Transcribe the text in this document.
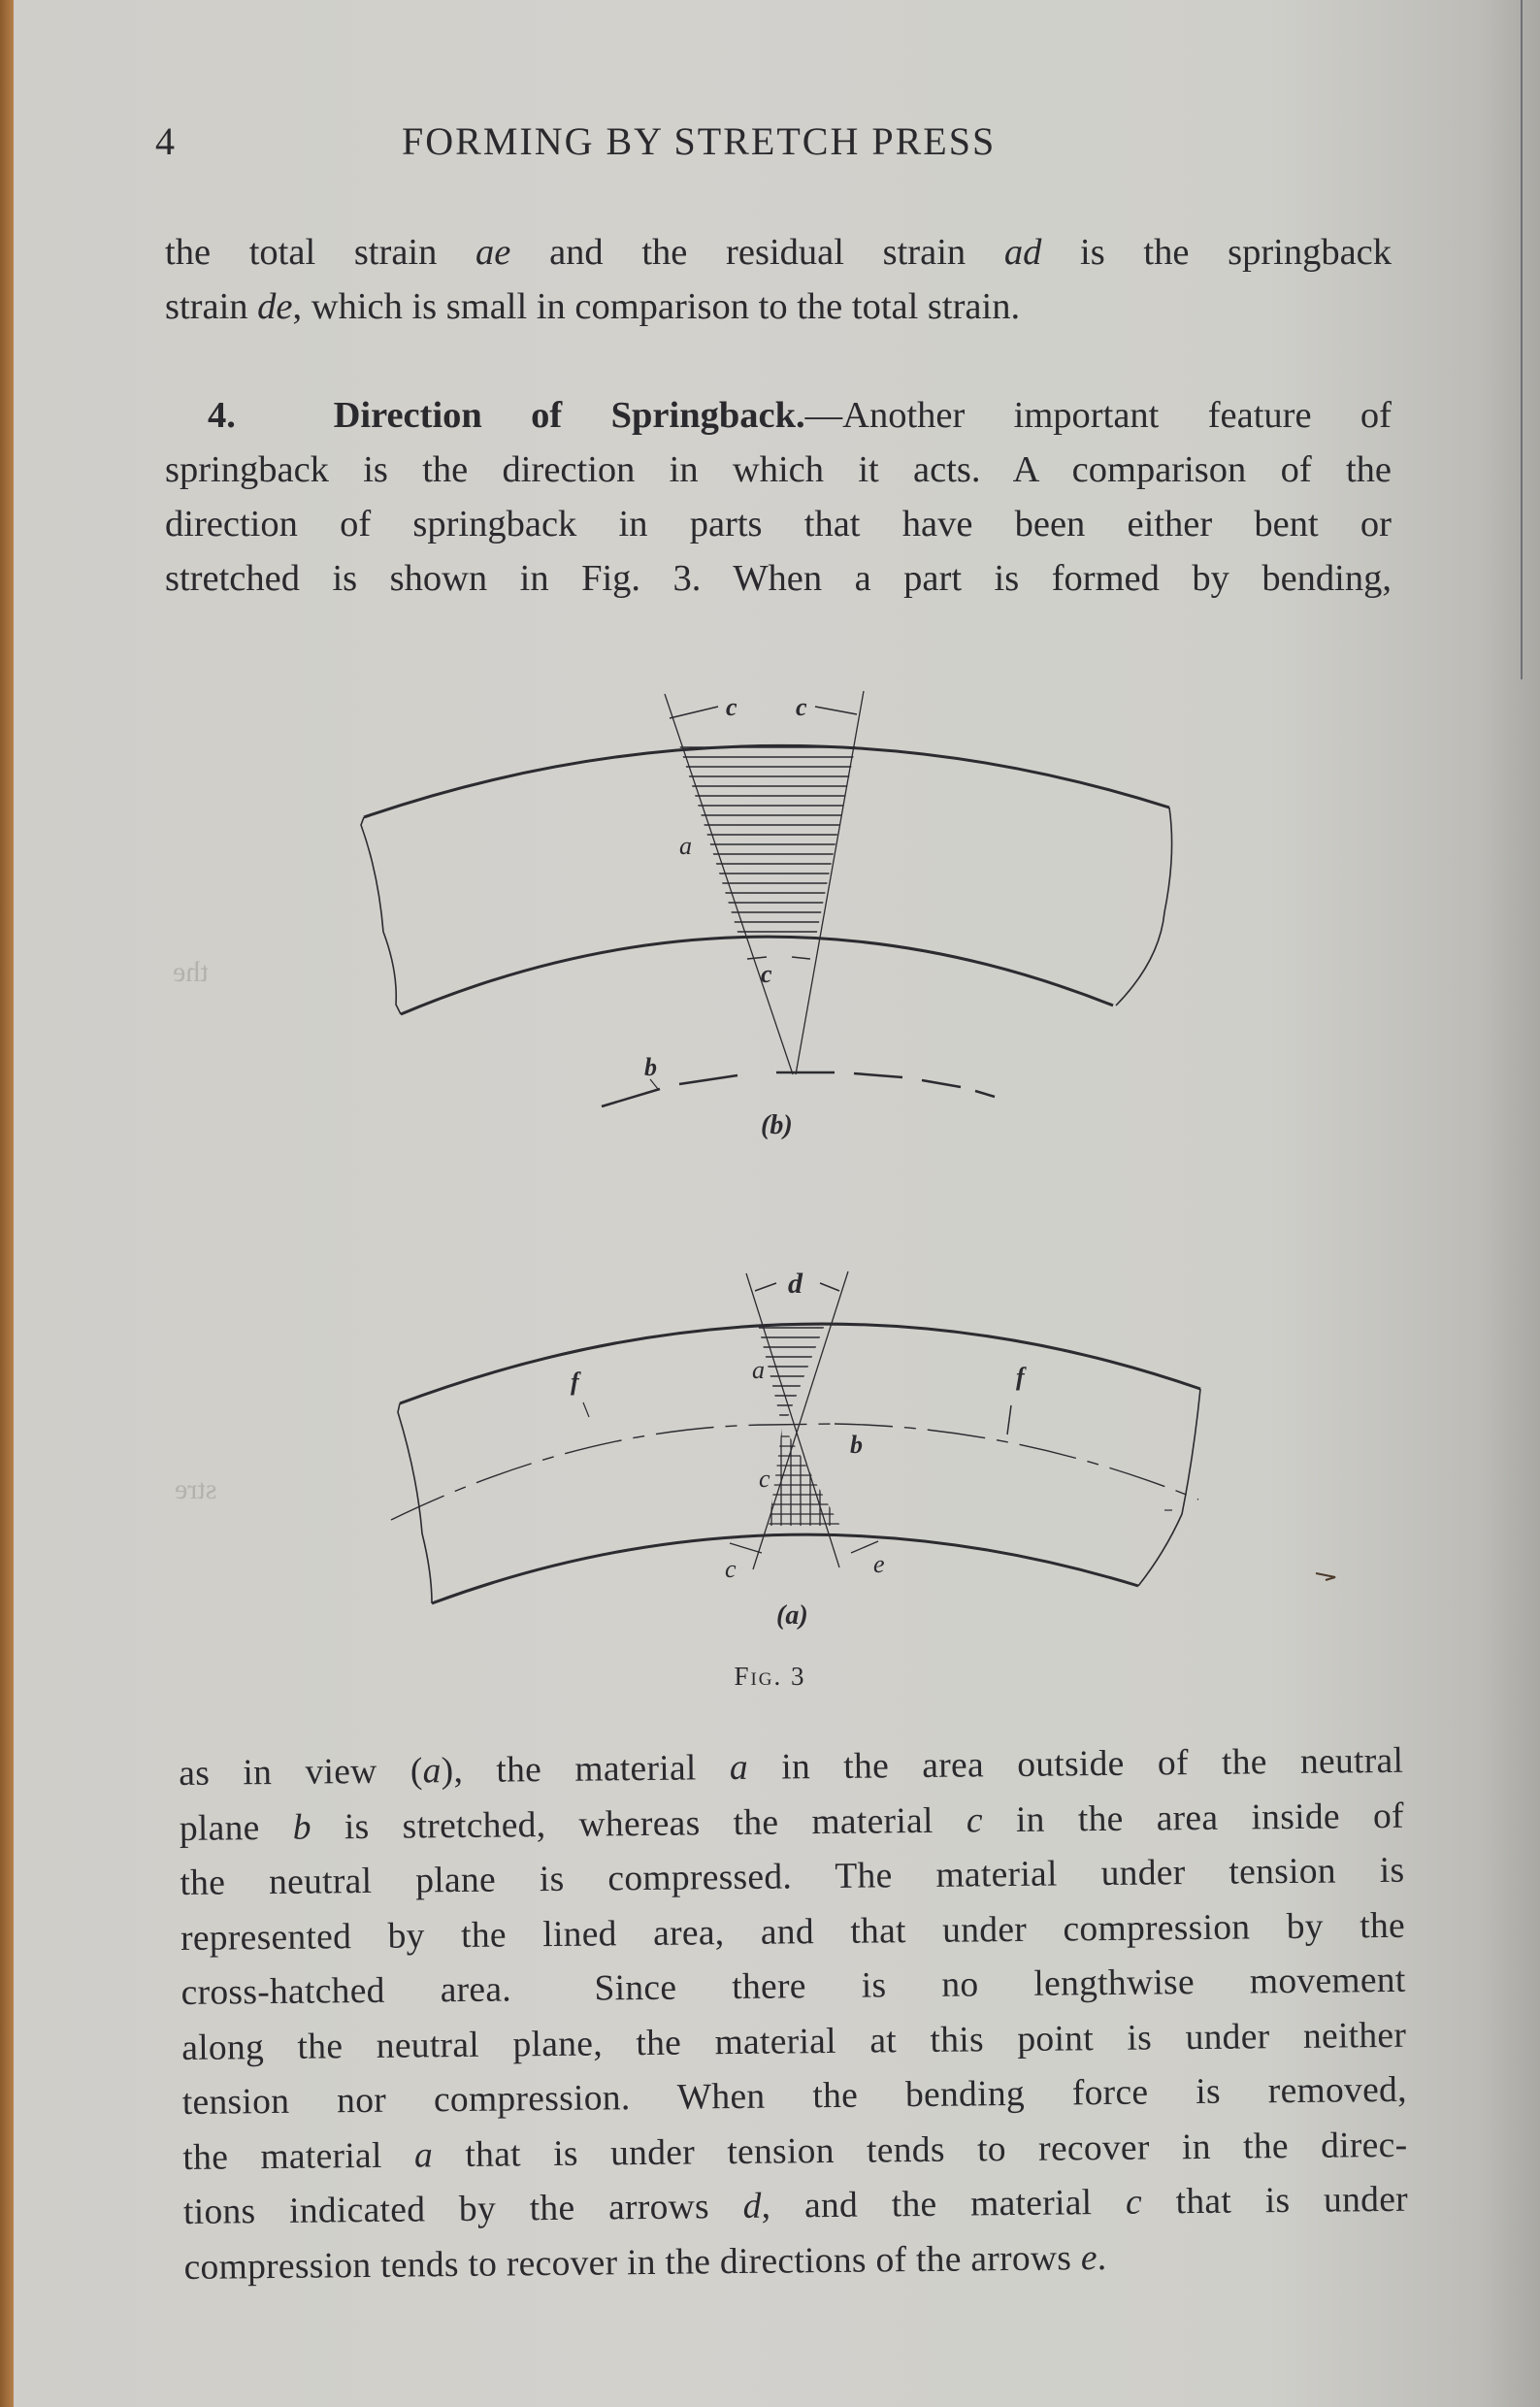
the
stre
4	FORMING BY STRETCH PRESS
the total strain ae and the residual strain ad is the springback
strain de, which is small in comparison to the total strain.
4.	Direction of Springback.—Another important feature of
springback is the direction in which it acts. A comparison of the
direction of springback in parts that have been either bent or
stretched is shown in Fig. 3. When a part is formed by bending,
c c
c
a
b
(b)
d
a
b
c
c	e
f	f
(a)
Fig. 3
as in view (a), the material a in the area outside of the neutral
plane b is stretched, whereas the material c in the area inside of
the neutral plane is compressed. The material under tension is
represented by the lined area, and that under compression by the
cross-hatched  area.   Since  there  is  no  lengthwise  movement
along the neutral plane, the material at this point is under neither
tension nor compression. When the bending force is removed,
the material a that is under tension tends to recover in the direc-
tions indicated by the arrows d, and the material c that is under
compression tends to recover in the directions of the arrows e.
